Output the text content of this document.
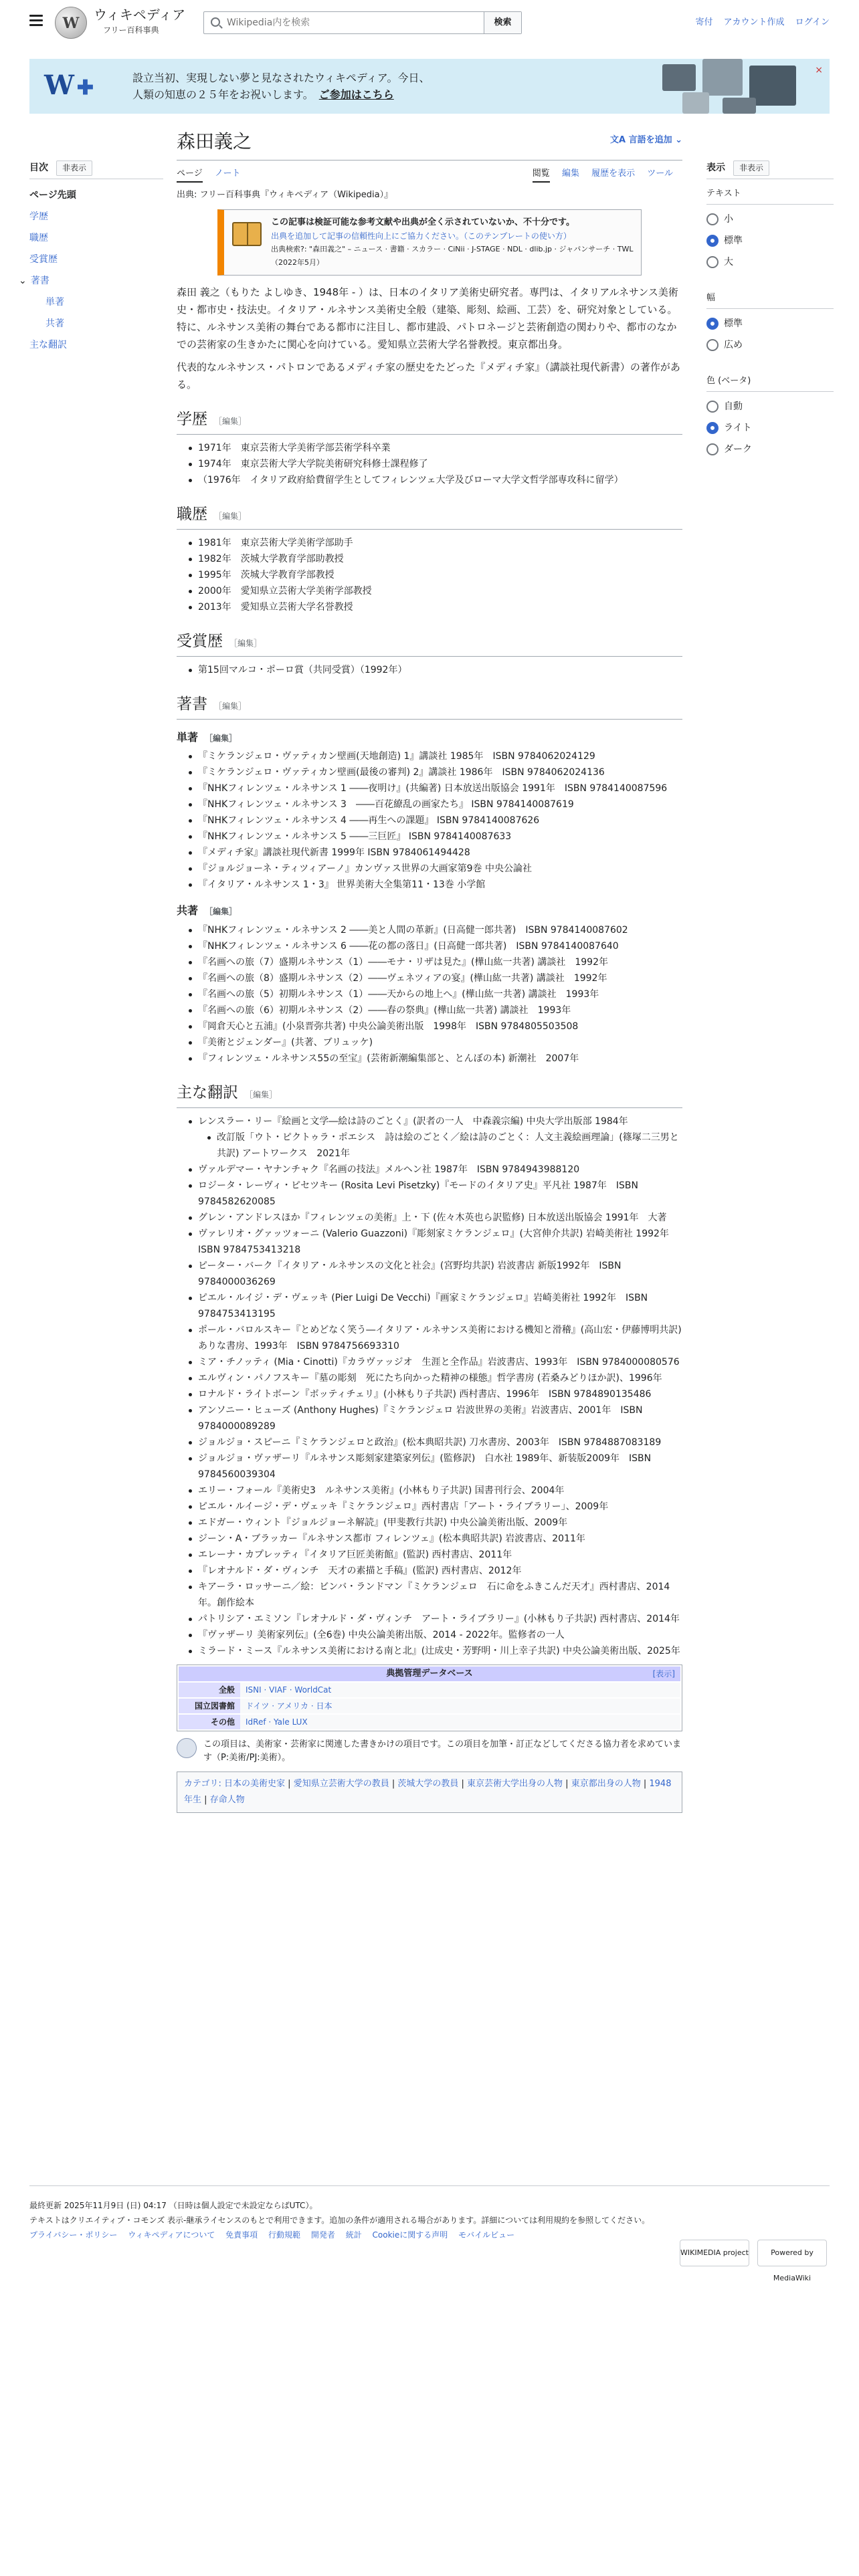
W	ウィキペディア
フリー百科事典
Wikipedia内を検索
検索	寄付 アカウント作成 ログイン
W ✚	設立当初、実現しない夢と見なされたウィキペディア。今日、
人類の知恵の２５年をお祝いします。　 ご参加はこちら
×
目次	非表示
ページ先頭
学歴
職歴
受賞歴
⌄ 著書
単著
共著
主な翻訳
表示	非表示
テキスト
小
標準
大
幅
標準
広め
色 (ベータ)
自動
ライト
ダーク
森田義之	文A 言語を追加 ⌄
ページ ノート	閲覧 編集 履歴を表示 ツール
出典: フリー百科事典『ウィキペディア（Wikipedia）』
この記事は検証可能な参考文献や出典が全く示されていないか、不十分です。
出典を追加して記事の信頼性向上にご協力ください。（このテンプレートの使い方）
出典検索?: "森田義之" – ニュース · 書籍 · スカラー · CiNii · J-STAGE · NDL · dlib.jp · ジャパンサーチ · TWL
（2022年5月）

森田 義之（もりた よしゆき、1948年 - ）は、日本のイタリア美術史研究者。専門は、イタリアルネサンス美術史・都市史・技法史。イタリア・ルネサンス美術史全般（建築、彫刻、絵画、工芸）を、研究対象としている。特に、ルネサンス美術の舞台である都市に注目し、都市建設、パトロネージと芸術創造の関わりや、都市のなかでの芸術家の生きかたに関心を向けている。愛知県立芸術大学名誉教授。東京都出身。

代表的なルネサンス・パトロンであるメディチ家の歴史をたどった『メディチ家』（講談社現代新書）の著作がある。

学歴 ［編集］
1971年　東京芸術大学美術学部芸術学科卒業
1974年　東京芸術大学大学院美術研究科修士課程修了
（1976年　イタリア政府給費留学生としてフィレンツェ大学及びローマ大学文哲学部専攻科に留学）
職歴 ［編集］
1981年　東京芸術大学美術学部助手
1982年　茨城大学教育学部助教授
1995年　茨城大学教育学部教授
2000年　愛知県立芸術大学美術学部教授
2013年　愛知県立芸術大学名誉教授
受賞歴 ［編集］
第15回マルコ・ポーロ賞（共同受賞）（1992年）
著書 ［編集］
単著 ［編集］
『ミケランジェロ・ヴァティカン壁画(天地創造) 1』講談社 1985年　ISBN 9784062024129
『ミケランジェロ・ヴァティカン壁画(最後の審判) 2』講談社 1986年　ISBN 9784062024136
『NHKフィレンツェ・ルネサンス 1 ――夜明け』(共編著) 日本放送出版協会 1991年　ISBN 9784140087596
『NHKフィレンツェ・ルネサンス 3　――百花繚乱の画家たち』 ISBN 9784140087619
『NHKフィレンツェ・ルネサンス 4 ――再生への課題』 ISBN 9784140087626
『NHKフィレンツェ・ルネサンス 5 ――三巨匠』 ISBN 9784140087633
『メディチ家』講談社現代新書 1999年 ISBN 9784061494428
『ジョルジョーネ・ティツィアーノ』カンヴァス世界の大画家第9巻 中央公論社
『イタリア・ルネサンス 1・3』 世界美術大全集第11・13巻 小学館
共著 ［編集］
『NHKフィレンツェ・ルネサンス 2 ――美と人間の革新』(日高健一郎共著)　ISBN 9784140087602
『NHKフィレンツェ・ルネサンス 6 ――花の都の落日』(日高健一郎共著)　ISBN 9784140087640
『名画への旅（7）盛期ルネサンス（1）――モナ・リザは見た』(樺山紘一共著) 講談社　1992年
『名画への旅（8）盛期ルネサンス（2）――ヴェネツィアの宴』(樺山紘一共著) 講談社　1992年
『名画への旅（5）初期ルネサンス（1）――天からの地上へ』(樺山紘一共著) 講談社　1993年
『名画への旅（6）初期ルネサンス（2）――春の祭典』(樺山紘一共著) 講談社　1993年
『岡倉天心と五浦』(小泉晋弥共著) 中央公論美術出版　1998年　ISBN 9784805503508
『美術とジェンダー』(共著、ブリュッケ)
『フィレンツェ・ルネサンス55の至宝』(芸術新潮編集部と、とんぼの本) 新潮社　2007年
主な翻訳 ［編集］
レンスラー・リー『絵画と文学―絵は詩のごとく』(訳者の一人　中森義宗編) 中央大学出版部 1984年
改訂版「ウト・ピクトゥラ・ポエシス　詩は絵のごとく／絵は詩のごとく：人文主義絵画理論」(篠塚二三男と共訳) アートワークス　2021年
ヴァルデマー・ヤナンチャク『名画の技法』メルヘン社 1987年　ISBN 9784943988120
ロジータ・レーヴィ・ピセツキー (Rosita Levi Pisetzky)『モードのイタリア史』平凡社 1987年　ISBN 9784582620085
グレン・アンドレスほか『フィレンツェの美術』上・下 (佐々木英也ら訳監修) 日本放送出版協会 1991年　大著
ヴァレリオ・グァッツォーニ (Valerio Guazzoni)『彫刻家ミケランジェロ』(大宮伸介共訳) 岩崎美術社 1992年　ISBN 9784753413218
ピーター・バーク『イタリア・ルネサンスの文化と社会』(宮野均共訳) 岩波書店 新版1992年　ISBN 9784000036269
ピエル・ルイジ・デ・ヴェッキ (Pier Luigi De Vecchi)『画家ミケランジェロ』岩崎美術社 1992年　ISBN 9784753413195
ポール・バロルスキー『とめどなく笑う―イタリア・ルネサンス美術における機知と滑稽』(高山宏・伊藤博明共訳) ありな書房、1993年　ISBN 9784756693310
ミア・チノッティ (Mia・Cinotti)『カラヴァッジオ　生涯と全作品』岩波書店、1993年　ISBN 9784000080576
エルヴィン・パノフスキー『墓の彫刻　死にたち向かった精神の様態』哲学書房 (若桑みどりほか訳)、1996年
ロナルド・ライトボーン『ボッティチェリ』(小林もり子共訳) 西村書店、1996年　ISBN 9784890135486
アンソニー・ヒューズ (Anthony Hughes)『ミケランジェロ 岩波世界の美術』岩波書店、2001年　ISBN 9784000089289
ジョルジョ・スピーニ『ミケランジェロと政治』(松本典昭共訳) 刀水書房、2003年　ISBN 9784887083189
ジョルジョ・ヴァザーリ『ルネサンス彫刻家建築家列伝』(監修訳)　白水社 1989年、新装版2009年　ISBN 9784560039304
エリー・フォール『美術史3　ルネサンス美術』(小林もり子共訳) 国書刊行会、2004年
ピエル・ルイージ・デ・ヴェッキ『ミケランジェロ』西村書店「アート・ライブラリー」、2009年
エドガー・ウィント『ジョルジョーネ解読』(甲斐教行共訳) 中央公論美術出版、2009年
ジーン・A・ブラッカー『ルネサンス都市 フィレンツェ』(松本典昭共訳) 岩波書店、2011年
エレーナ・カプレッティ『イタリア巨匠美術館』(監訳) 西村書店、2011年
『レオナルド・ダ・ヴィンチ　天才の素描と手稿』(監訳) 西村書店、2012年
キアーラ・ロッサーニ／絵：ビンバ・ランドマン『ミケランジェロ　石に命をふきこんだ天才』西村書店、2014年。創作絵本
パトリシア・エミソン『レオナルド・ダ・ヴィンチ　アート・ライブラリー』(小林もり子共訳) 西村書店、2014年
『ヴァザーリ 美術家列伝』(全6巻) 中央公論美術出版、2014 - 2022年。監修者の一人
ミラード・ミース『ルネサンス美術における南と北』(辻成史・芳野明・川上幸子共訳) 中央公論美術出版、2025年
典拠管理データベース	[表示]
全般	ISNI · VIAF · WorldCat
国立図書館	ドイツ · アメリカ · 日本
その他	IdRef · Yale LUX
この項目は、美術家・芸術家に関連した書きかけの項目です。この項目を加筆・訂正などしてくださる協力者を求めています（P:美術/PJ:美術）。
カテゴリ: 日本の美術史家 | 愛知県立芸術大学の教員 | 茨城大学の教員 | 東京芸術大学出身の人物 | 東京都出身の人物 | 1948年生 | 存命人物
最終更新 2025年11月9日 (日) 04:17 （日時は個人設定で未設定ならばUTC）。
テキストはクリエイティブ・コモンズ 表示-継承ライセンスのもとで利用できます。追加の条件が適用される場合があります。詳細については利用規約を参照してください。
プライバシー・ポリシー ウィキペディアについて 免責事項 行動規範 開発者 統計 Cookieに関する声明 モバイルビュー
WIKIMEDIA project	Powered by MediaWiki
